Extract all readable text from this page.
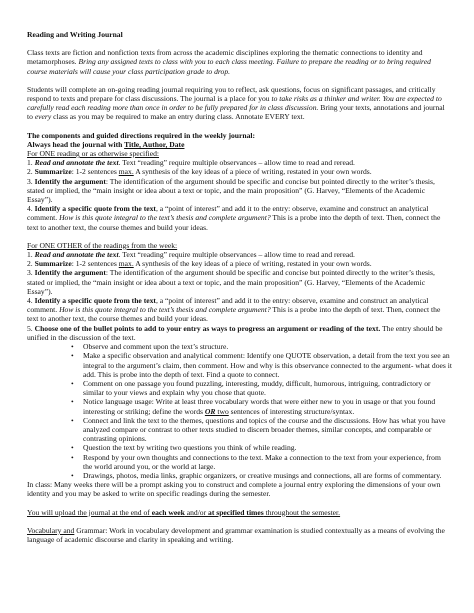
Reading and Writing Journal

Class texts are fiction and nonfiction texts from across the academic disciplines exploring the thematic connections to identity and metamorphoses. Bring any assigned texts to class with you to each class meeting. Failure to prepare the reading or to bring required course materials will cause your class participation grade to drop.

Students will complete an on-going reading journal requiring you to reflect, ask questions, focus on significant passages, and critically respond to texts and prepare for class discussions. The journal is a place for you to take risks as a thinker and writer. You are expected to carefully read each reading more than once in order to be fully prepared for in class discussion. Bring your texts, annotations and journal to every class as you may be required to make an entry during class. Annotate EVERY text.

The components and guided directions required in the weekly journal:

Always head the journal with Title, Author, Date

For ONE reading or as otherwise specified:

1. Read and annotate the text. Text “reading” require multiple observances – allow time to read and reread.

2. Summarize: 1-2 sentences max. A synthesis of the key ideas of a piece of writing, restated in your own words.

3. Identify the argument: The identification of the argument should be specific and concise but pointed directly to the writer’s thesis, stated or implied, the “main insight or idea about a text or topic, and the main proposition” (G. Harvey, “Elements of the Academic Essay”).

4. Identify a specific quote from the text, a “point of interest” and add it to the entry: observe, examine and construct an analytical comment. How is this quote integral to the text’s thesis and complete argument? This is a probe into the depth of text. Then, connect the text to another text, the course themes and build your ideas.

For ONE OTHER of the readings from the week:

1. Read and annotate the text. Text “reading” require multiple observances – allow time to read and reread.

2. Summarize: 1-2 sentences max. A synthesis of the key ideas of a piece of writing, restated in your own words.

3. Identify the argument: The identification of the argument should be specific and concise but pointed directly to the writer’s thesis, stated or implied, the “main insight or idea about a text or topic, and the main proposition” (G. Harvey, “Elements of the Academic Essay”).

4. Identify a specific quote from the text, a “point of interest” and add it to the entry: observe, examine and construct an analytical comment. How is this quote integral to the text’s thesis and complete argument? This is a probe into the depth of text. Then, connect the text to another text, the course themes and build your ideas.

5. Choose one of the bullet points to add to your entry as ways to progress an argument or reading of the text. The entry should be unified in the discussion of the text.

• Observe and comment upon the text’s structure.
• Make a specific observation and analytical comment: Identify one QUOTE observation, a detail from the text you see an integral to the argument’s claim, then comment. How and why is this observance connected to the argument- what does it add. This is probe into the depth of text. Find a quote to connect.
• Comment on one passage you found puzzling, interesting, muddy, difficult, humorous, intriguing, contradictory or similar to your views and explain why you chose that quote.
• Notice language usage: Write at least three vocabulary words that were either new to you in usage or that you found interesting or striking; define the words OR two sentences of interesting structure/syntax.
• Connect and link the text to the themes, questions and topics of the course and the discussions. How has what you have analyzed compare or contrast to other texts studied to discern broader themes, similar concepts, and comparable or contrasting opinions.
• Question the text by writing two questions you think of while reading.
• Respond by your own thoughts and connections to the text. Make a connection to the text from your experience, from the world around you, or the world at large.
• Drawings, photos, media links, graphic organizers, or creative musings and connections, all are forms of commentary.

In class: Many weeks there will be a prompt asking you to construct and complete a journal entry exploring the dimensions of your own identity and you may be asked to write on specific readings during the semester.

You will upload the journal at the end of each week and/or at specified times throughout the semester.

Vocabulary and Grammar: Work in vocabulary development and grammar examination is studied contextually as a means of evolving the language of academic discourse and clarity in speaking and writing.
